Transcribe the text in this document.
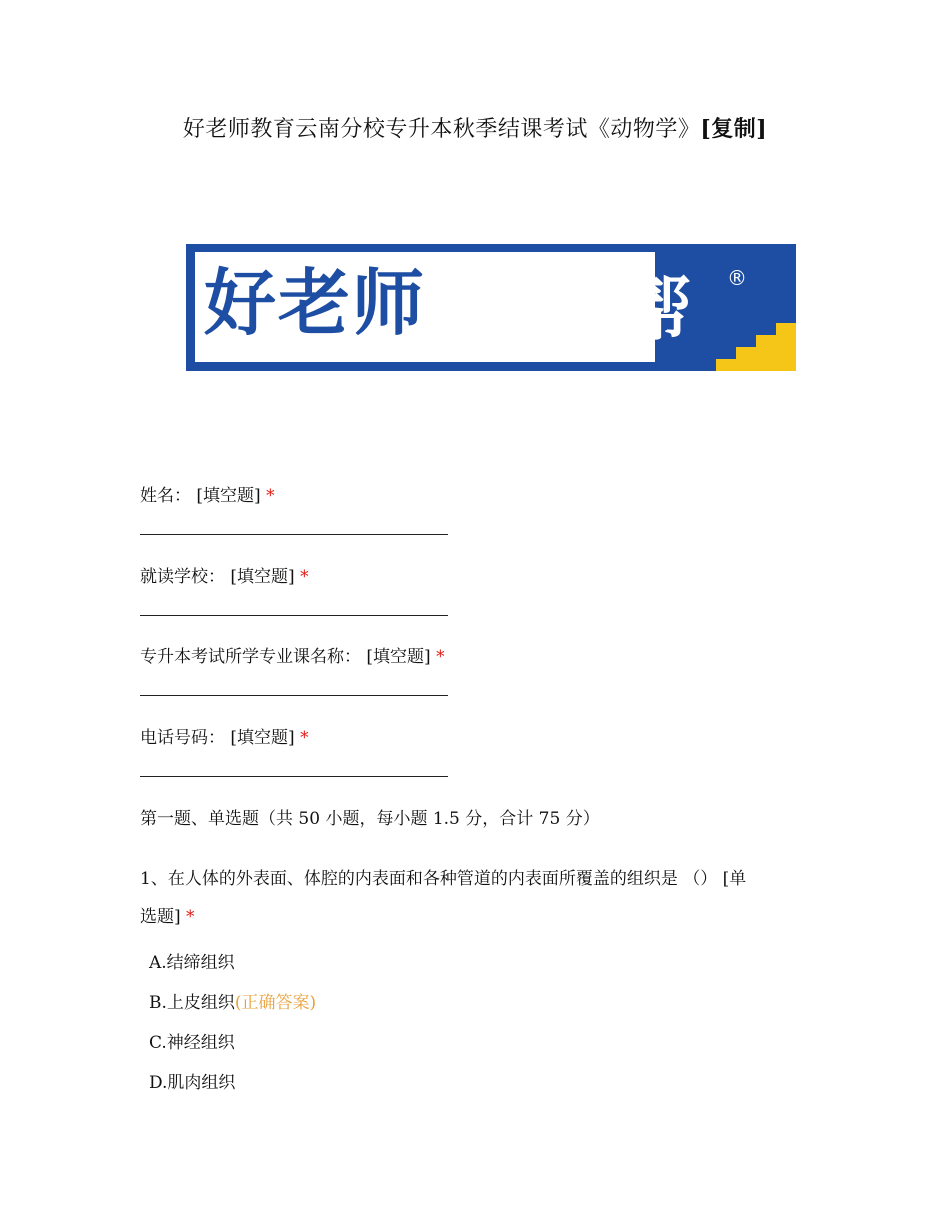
好老师教育云南分校专升本秋季结课考试《动物学》[复制]
好老师 升学帮 ®
姓名： [填空题] *
就读学校： [填空题] *
专升本考试所学专业课名称： [填空题] *
电话号码： [填空题] *
第一题、单选题（共 50 小题，每小题 1.5 分，合计 75 分）
1、在人体的外表面、体腔的内表面和各种管道的内表面所覆盖的组织是 （） [单
选题] *
A.结缔组织
B.上皮组织(正确答案)
C.神经组织
D.肌肉组织
